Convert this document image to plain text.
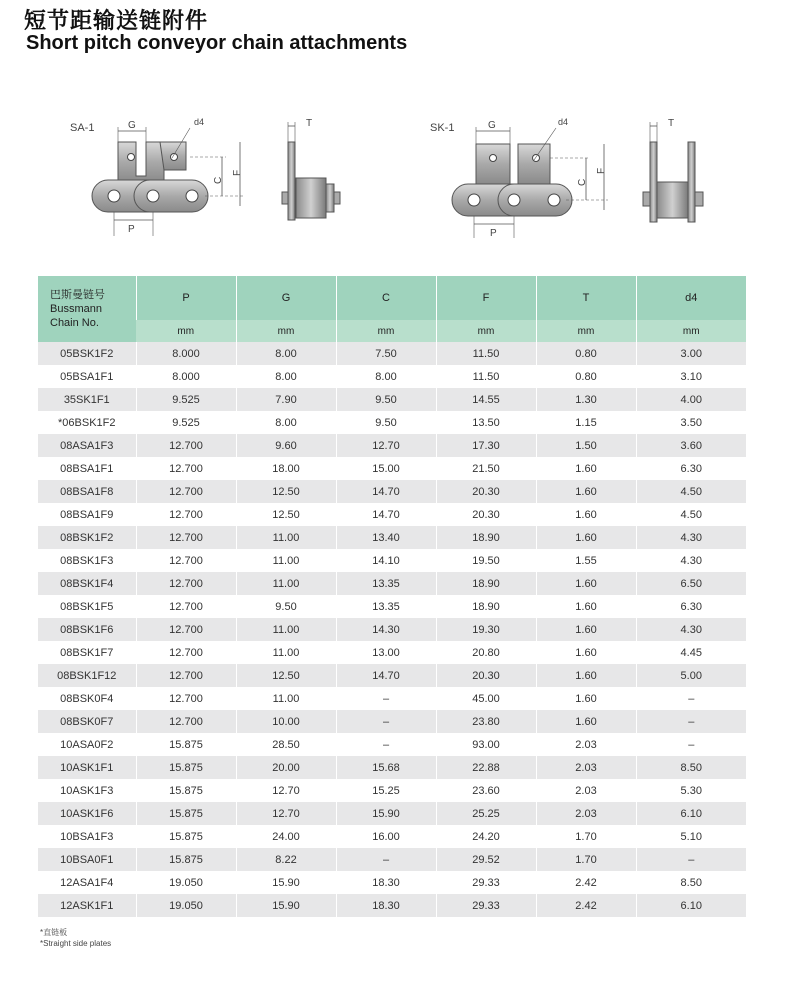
短节距输送链附件
Short pitch conveyor chain attachments
SA-1	G	d4
P
C
F
T	SK-1	G	d4
P
C
F
T
巴斯曼链号
Bussmann
Chain No.	P	G	C	F	T	d4
	mm	mm	mm	mm	mm	mm
05BSK1F2	8.000	8.00	7.50	11.50	0.80	3.00
05BSA1F1	8.000	8.00	8.00	11.50	0.80	3.10
35SK1F1	9.525	7.90	9.50	14.55	1.30	4.00
*06BSK1F2	9.525	8.00	9.50	13.50	1.15	3.50
08ASA1F3	12.700	9.60	12.70	17.30	1.50	3.60
08BSA1F1	12.700	18.00	15.00	21.50	1.60	6.30
08BSA1F8	12.700	12.50	14.70	20.30	1.60	4.50
08BSA1F9	12.700	12.50	14.70	20.30	1.60	4.50
08BSK1F2	12.700	11.00	13.40	18.90	1.60	4.30
08BSK1F3	12.700	11.00	14.10	19.50	1.55	4.30
08BSK1F4	12.700	11.00	13.35	18.90	1.60	6.50
08BSK1F5	12.700	9.50	13.35	18.90	1.60	6.30
08BSK1F6	12.700	11.00	14.30	19.30	1.60	4.30
08BSK1F7	12.700	11.00	13.00	20.80	1.60	4.45
08BSK1F12	12.700	12.50	14.70	20.30	1.60	5.00
08BSK0F4	12.700	11.00	–	45.00	1.60	–
08BSK0F7	12.700	10.00	–	23.80	1.60	–
10ASA0F2	15.875	28.50	–	93.00	2.03	–
10ASK1F1	15.875	20.00	15.68	22.88	2.03	8.50
10ASK1F3	15.875	12.70	15.25	23.60	2.03	5.30
10ASK1F6	15.875	12.70	15.90	25.25	2.03	6.10
10BSA1F3	15.875	24.00	16.00	24.20	1.70	5.10
10BSA0F1	15.875	8.22	–	29.52	1.70	–
12ASA1F4	19.050	15.90	18.30	29.33	2.42	8.50
12ASK1F1	19.050	15.90	18.30	29.33	2.42	6.10
*直链板
*Straight side plates
